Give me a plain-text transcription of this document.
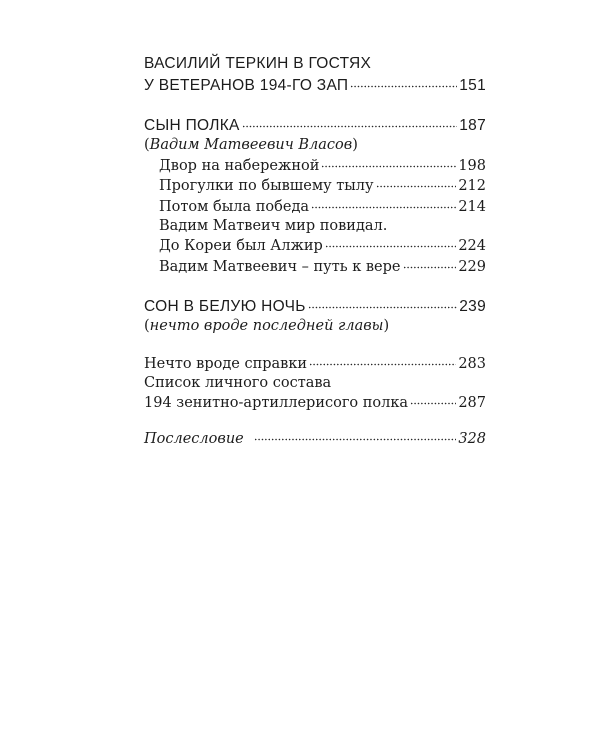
ВАСИЛИЙ ТЕРКИН В ГОСТЯХ
У ВЕТЕРАНОВ 194-ГО ЗАП	151
СЫН ПОЛКА	187
( Вадим Матвеевич Власов )
Двор на набережной	198
Прогулки по бывшему тылу	212
Потом была победа	214
Вадим Матвеич мир повидал.
До Кореи был Алжир	224
Вадим Матвеевич – путь к вере	229
СОН В БЕЛУЮ НОЧЬ	239
( нечто вроде последней главы )
Нечто вроде справки	283
Список личного состава
194 зенитно-артиллерисого полка	287
Послесловие	328
